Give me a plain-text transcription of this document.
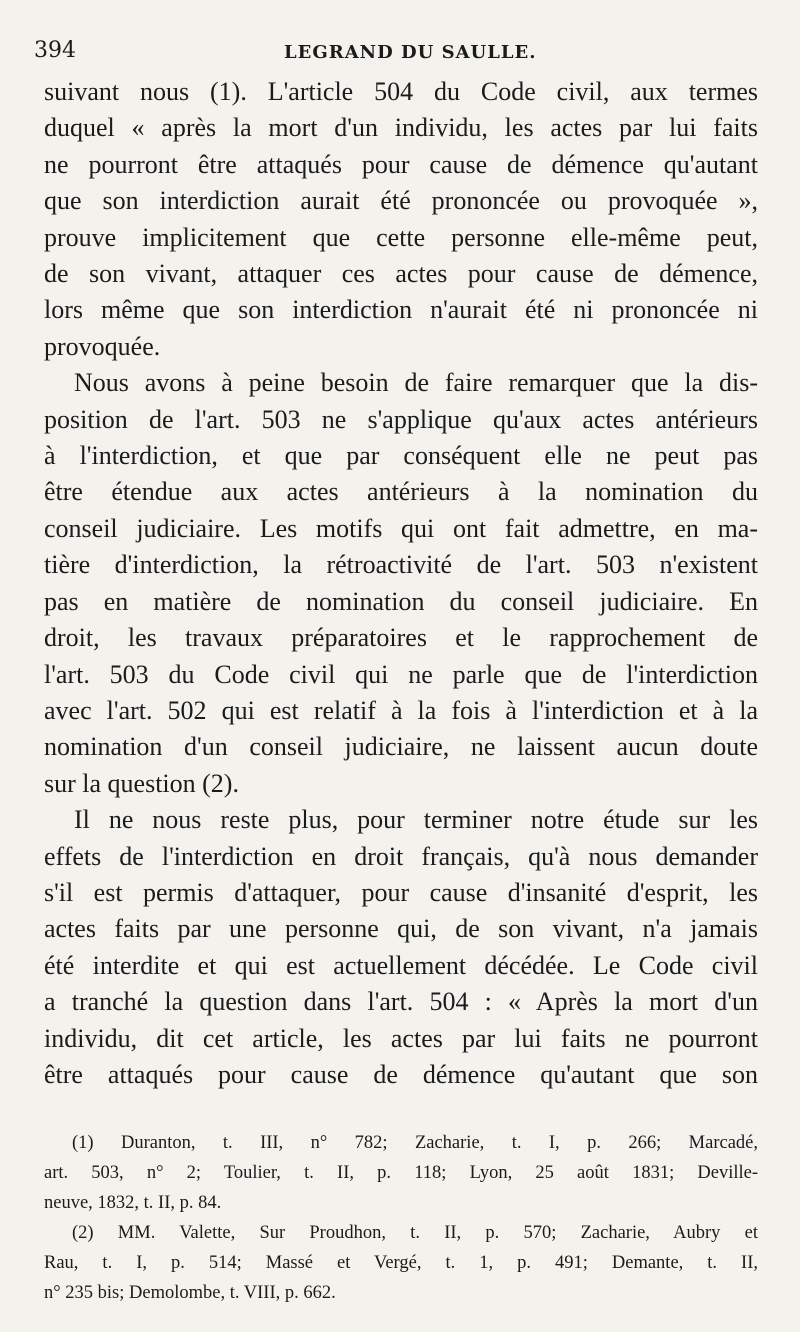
394	LEGRAND DU SAULLE.

suivant nous (1). L'article 504 du Code civil, aux termes
duquel « après la mort d'un individu, les actes par lui faits
ne pourront être attaqués pour cause de démence qu'autant
que son interdiction aurait été prononcée ou provoquée »,
prouve implicitement que cette personne elle-même peut,
de son vivant, attaquer ces actes pour cause de démence,
lors même que son interdiction n'aurait été ni prononcée ni
provoquée.

Nous avons à peine besoin de faire remarquer que la dis-
position de l'art. 503 ne s'applique qu'aux actes antérieurs
à l'interdiction, et que par conséquent elle ne peut pas
être étendue aux actes antérieurs à la nomination du
conseil judiciaire. Les motifs qui ont fait admettre, en ma-
tière d'interdiction, la rétroactivité de l'art. 503 n'existent
pas en matière de nomination du conseil judiciaire. En
droit, les travaux préparatoires et le rapprochement de
l'art. 503 du Code civil qui ne parle que de l'interdiction
avec l'art. 502 qui est relatif à la fois à l'interdiction et à la
nomination d'un conseil judiciaire, ne laissent aucun doute
sur la question (2).

Il ne nous reste plus, pour terminer notre étude sur les
effets de l'interdiction en droit français, qu'à nous demander
s'il est permis d'attaquer, pour cause d'insanité d'esprit, les
actes faits par une personne qui, de son vivant, n'a jamais
été interdite et qui est actuellement décédée. Le Code civil
a tranché la question dans l'art. 504 : « Après la mort d'un
individu, dit cet article, les actes par lui faits ne pourront
être attaqués pour cause de démence qu'autant que son

(1) Duranton, t. III, n° 782; Zacharie, t. I, p. 266; Marcadé,
art. 503, n° 2; Toulier, t. II, p. 118; Lyon, 25 août 1831; Deville-
neuve, 1832, t. II, p. 84.
(2) MM. Valette, Sur Proudhon, t. II, p. 570; Zacharie, Aubry et
Rau, t. I, p. 514; Massé et Vergé, t. 1, p. 491; Demante, t. II,
n° 235 bis; Demolombe, t. VIII, p. 662.
